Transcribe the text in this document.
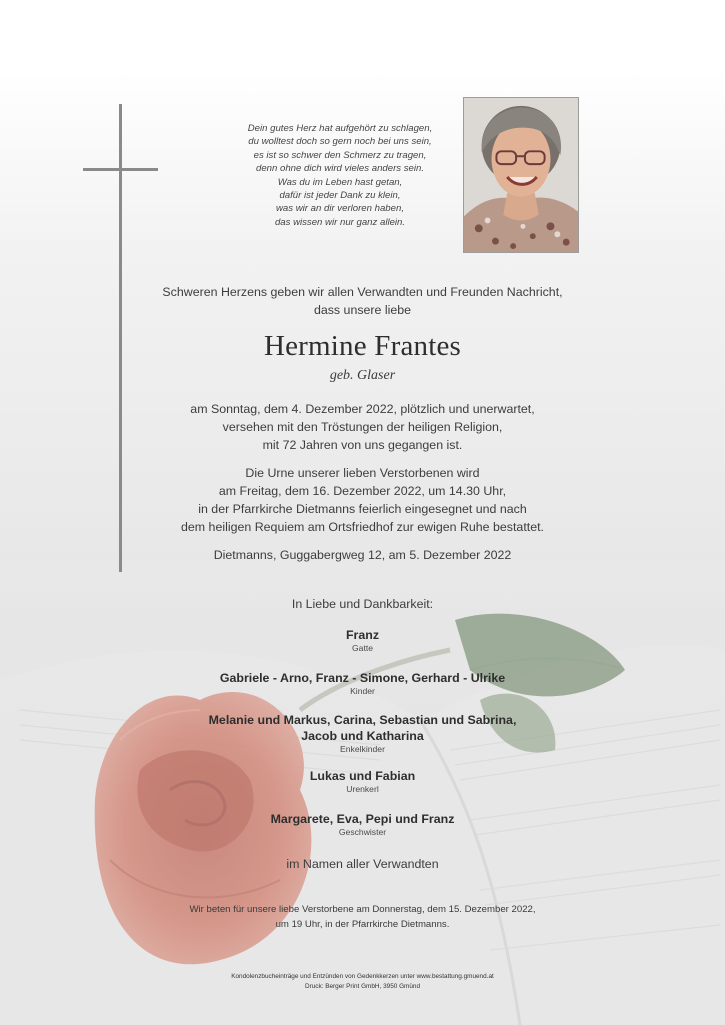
Dein gutes Herz hat aufgehört zu schlagen,
du wolltest doch so gern noch bei uns sein,
es ist so schwer den Schmerz zu tragen,
denn ohne dich wird vieles anders sein.
Was du im Leben hast getan,
dafür ist jeder Dank zu klein,
was wir an dir verloren haben,
das wissen wir nur ganz allein.
Schweren Herzens geben wir allen Verwandten und Freunden Nachricht,
dass unsere liebe
Hermine Frantes
geb. Glaser
am Sonntag, dem 4. Dezember 2022, plötzlich und unerwartet,
versehen mit den Tröstungen der heiligen Religion,
mit 72 Jahren von uns gegangen ist.
Die Urne unserer lieben Verstorbenen wird
am Freitag, dem 16. Dezember 2022, um 14.30 Uhr,
in der Pfarrkirche Dietmanns feierlich eingesegnet und nach
dem heiligen Requiem am Ortsfriedhof zur ewigen Ruhe bestattet.
Dietmanns, Guggabergweg 12, am 5. Dezember 2022
In Liebe und Dankbarkeit:
Franz
Gatte
Gabriele - Arno, Franz - Simone, Gerhard - Ulrike
Kinder
Melanie und Markus, Carina, Sebastian und Sabrina,
Jacob und Katharina
Enkelkinder
Lukas und Fabian
Urenkerl
Margarete, Eva, Pepi und Franz
Geschwister
im Namen aller Verwandten
Wir beten für unsere liebe Verstorbene am Donnerstag, dem 15. Dezember 2022,
um 19 Uhr, in der Pfarrkirche Dietmanns.
Kondolenzbucheinträge und Entzünden von Gedenkkerzen unter www.bestattung.gmuend.at
Druck: Berger Print GmbH, 3950 Gmünd
